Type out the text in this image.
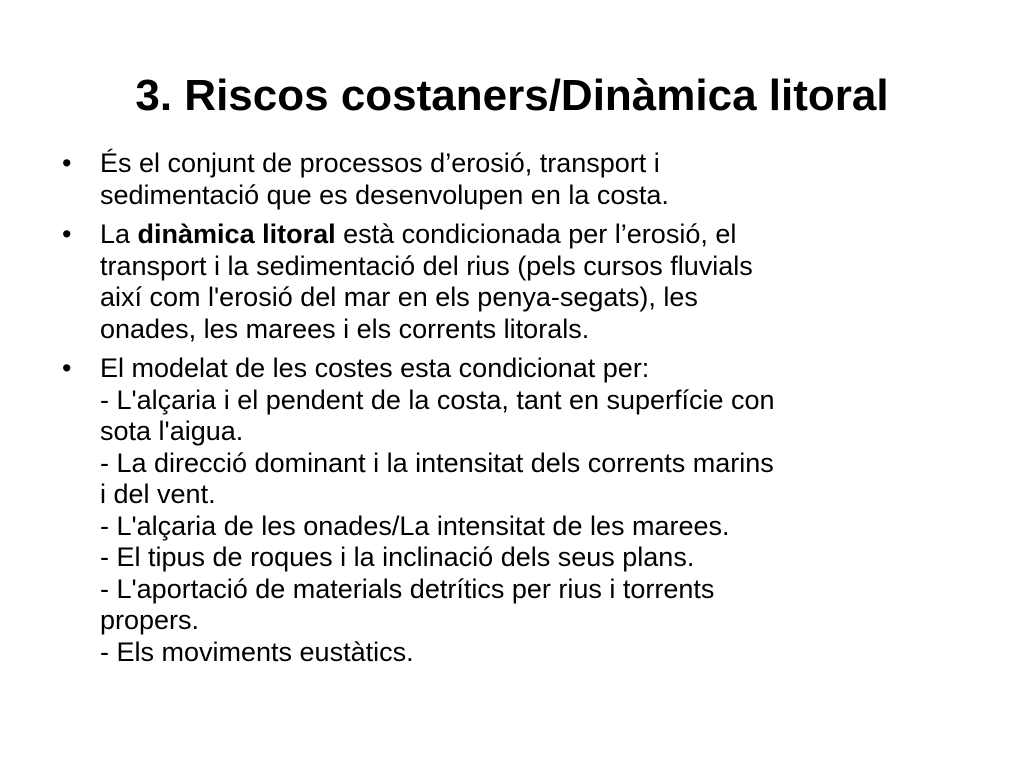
3. Riscos costaners/Dinàmica litoral
• És el conjunt de processos d’erosió, transport i
sedimentació que es desenvolupen en la costa.
• La dinàmica litoral està condicionada per l’erosió, el
transport i la sedimentació del rius (pels cursos fluvials
així com l'erosió del mar en els penya-segats), les
onades, les marees i els corrents litorals.
• El modelat de les costes esta condicionat per:
- L'alçaria i el pendent de la costa, tant en superfície con
sota l'aigua.
- La direcció dominant i la intensitat dels corrents marins
i del vent.
- L'alçaria de les onades/La intensitat de les marees.
- El tipus de roques i la inclinació dels seus plans.
- L'aportació de materials detrítics per rius i torrents
propers.
- Els moviments eustàtics.
